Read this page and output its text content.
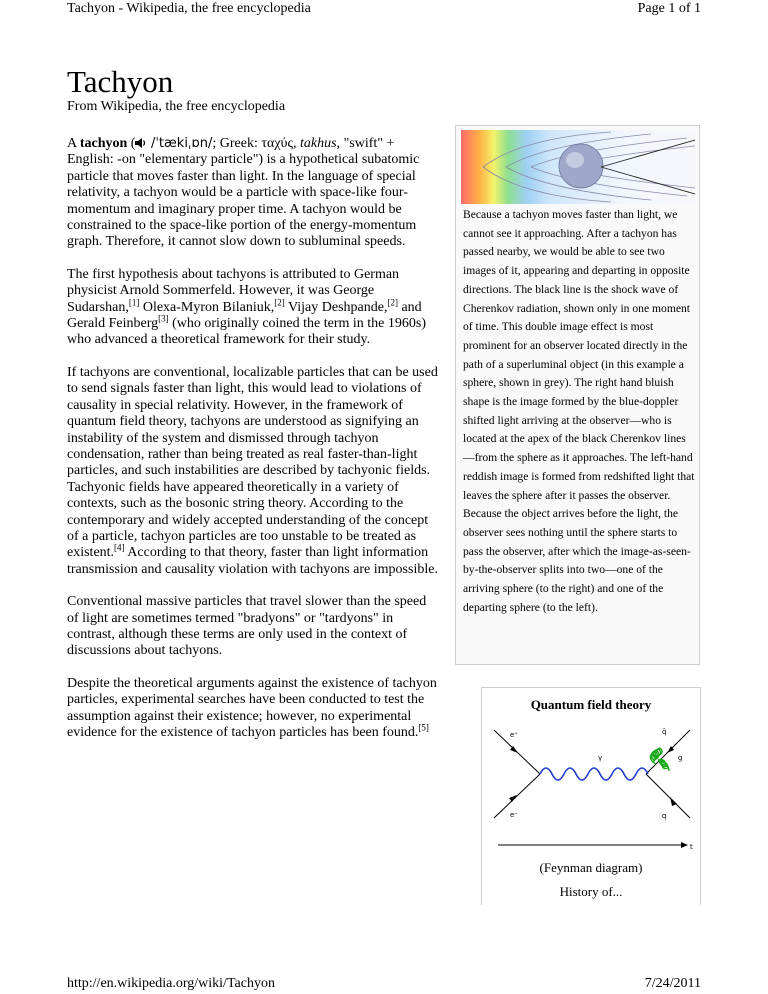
Tachyon - Wikipedia, the free encyclopedia	Page 1 of 1
Tachyon
From Wikipedia, the free encyclopedia

A tachyon ( /ˈtækiˌɒn/; Greek: ταχύς, takhus, "swift" + English: -on "elementary particle") is a hypothetical subatomic particle that moves faster than light. In the language of special relativity, a tachyon would be a particle with space-like four-momentum and imaginary proper time. A tachyon would be constrained to the space-like portion of the energy-momentum graph. Therefore, it cannot slow down to subluminal speeds.

The first hypothesis about tachyons is attributed to German physicist Arnold Sommerfeld. However, it was George Sudarshan,[1] Olexa-Myron Bilaniuk,[2] Vijay Deshpande,[2] and Gerald Feinberg[3] (who originally coined the term in the 1960s) who advanced a theoretical framework for their study.

If tachyons are conventional, localizable particles that can be used to send signals faster than light, this would lead to violations of causality in special relativity. However, in the framework of quantum field theory, tachyons are understood as signifying an instability of the system and dismissed through tachyon condensation, rather than being treated as real faster-than-light particles, and such instabilities are described by tachyonic fields. Tachyonic fields have appeared theoretically in a variety of contexts, such as the bosonic string theory. According to the contemporary and widely accepted understanding of the concept of a particle, tachyon particles are too unstable to be treated as existent.[4] According to that theory, faster than light information transmission and causality violation with tachyons are impossible.

Conventional massive particles that travel slower than the speed of light are sometimes termed "bradyons" or "tardyons" in contrast, although these terms are only used in the context of discussions about tachyons.

Despite the theoretical arguments against the existence of tachyon particles, experimental searches have been conducted to test the assumption against their existence; however, no experimental evidence for the existence of tachyon particles has been found.[5]

Because a tachyon moves faster than light, we cannot see it approaching. After a tachyon has passed nearby, we would be able to see two images of it, appearing and departing in opposite directions. The black line is the shock wave of Cherenkov radiation, shown only in one moment of time. This double image effect is most prominent for an observer located directly in the path of a superluminal object (in this example a sphere, shown in grey). The right hand bluish shape is the image formed by the blue-doppler shifted light arriving at the observer—who is located at the apex of the black Cherenkov lines—from the sphere as it approaches. The left-hand reddish image is formed from redshifted light that leaves the sphere after it passes the observer. Because the object arrives before the light, the observer sees nothing until the sphere starts to pass the observer, after which the image-as-seen-by-the-observer splits into two—one of the arriving sphere (to the right) and one of the departing sphere (to the left).
Quantum field theory
e⁺
e⁻
γ
q̄
q
g
t
(Feynman diagram)
History of...
http://en.wikipedia.org/wiki/Tachyon	7/24/2011
